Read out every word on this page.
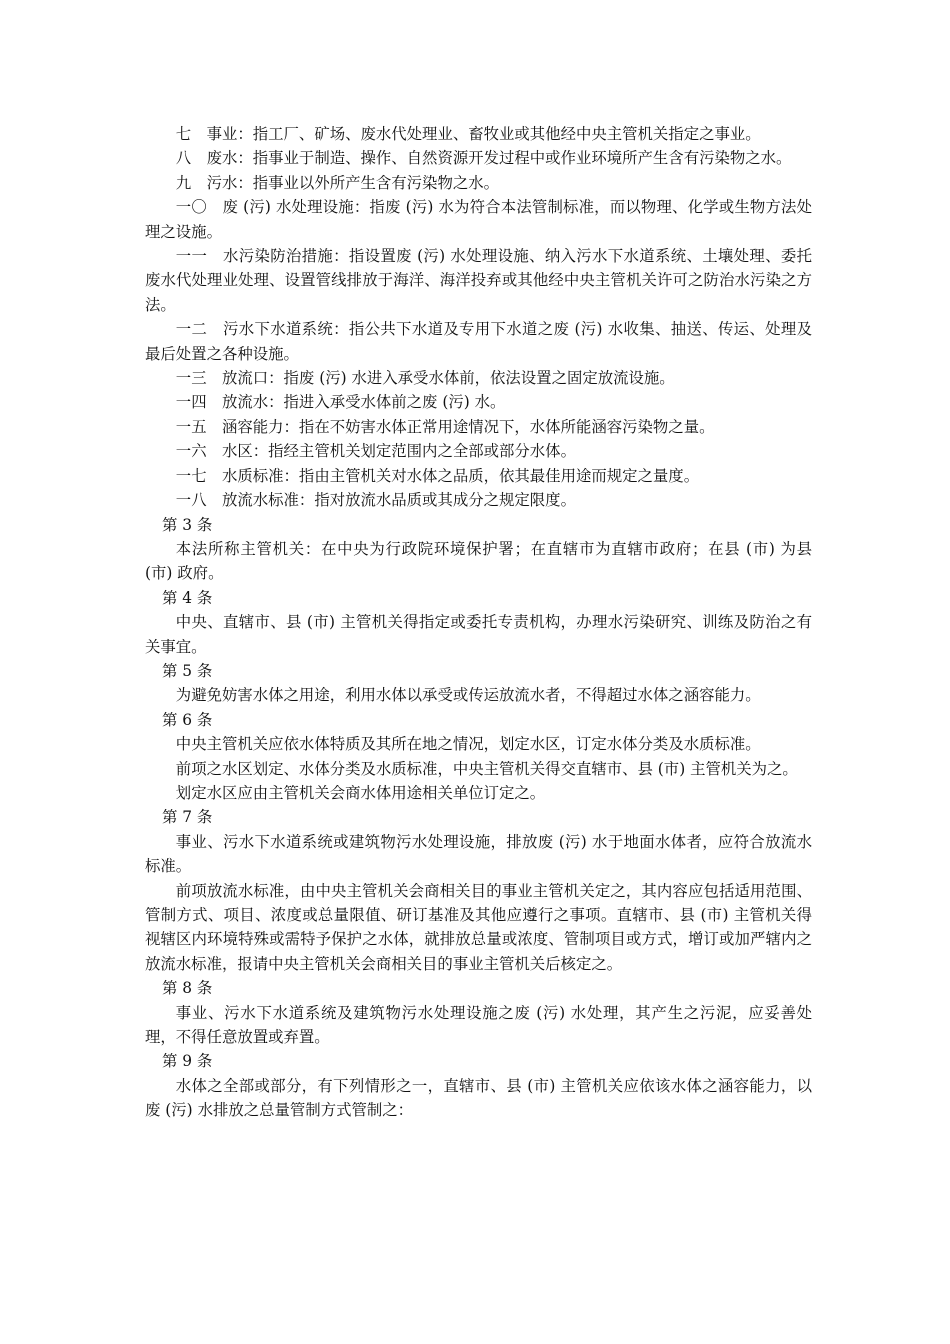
七　事业：指工厂、矿场、废水代处理业、畜牧业或其他经中央主管机关指定之事业。

八　废水：指事业于制造、操作、自然资源开发过程中或作业环境所产生含有污染物之水。

九　污水：指事业以外所产生含有污染物之水。

一〇　废 (污) 水处理设施：指废 (污) 水为符合本法管制标准，而以物理、化学或生物方法处理之设施。

一一　水污染防治措施：指设置废 (污) 水处理设施、纳入污水下水道系统、土壤处理、委托废水代处理业处理、设置管线排放于海洋、海洋投弃或其他经中央主管机关许可之防治水污染之方法。

一二　污水下水道系统：指公共下水道及专用下水道之废 (污) 水收集、抽送、传运、处理及最后处置之各种设施。

一三　放流口：指废 (污) 水进入承受水体前，依法设置之固定放流设施。

一四　放流水：指进入承受水体前之废 (污) 水。

一五　涵容能力：指在不妨害水体正常用途情况下，水体所能涵容污染物之量。

一六　水区：指经主管机关划定范围内之全部或部分水体。

一七　水质标准：指由主管机关对水体之品质，依其最佳用途而规定之量度。

一八　放流水标准：指对放流水品质或其成分之规定限度。

第 3 条

本法所称主管机关：在中央为行政院环境保护署；在直辖市为直辖市政府；在县 (市) 为县 (市) 政府。

第 4 条

中央、直辖市、县 (市) 主管机关得指定或委托专责机构，办理水污染研究、训练及防治之有关事宜。

第 5 条

为避免妨害水体之用途，利用水体以承受或传运放流水者，不得超过水体之涵容能力。

第 6 条

中央主管机关应依水体特质及其所在地之情况，划定水区，订定水体分类及水质标准。

前项之水区划定、水体分类及水质标准，中央主管机关得交直辖市、县 (市) 主管机关为之。

划定水区应由主管机关会商水体用途相关单位订定之。

第 7 条

事业、污水下水道系统或建筑物污水处理设施，排放废 (污) 水于地面水体者，应符合放流水标准。

前项放流水标准，由中央主管机关会商相关目的事业主管机关定之，其内容应包括适用范围、管制方式、项目、浓度或总量限值、研订基准及其他应遵行之事项。直辖市、县 (市) 主管机关得视辖区内环境特殊或需特予保护之水体，就排放总量或浓度、管制项目或方式，增订或加严辖内之放流水标准，报请中央主管机关会商相关目的事业主管机关后核定之。

第 8 条

事业、污水下水道系统及建筑物污水处理设施之废 (污) 水处理，其产生之污泥，应妥善处理，不得任意放置或弃置。

第 9 条

水体之全部或部分，有下列情形之一，直辖市、县 (市) 主管机关应依该水体之涵容能力，以废 (污) 水排放之总量管制方式管制之：
